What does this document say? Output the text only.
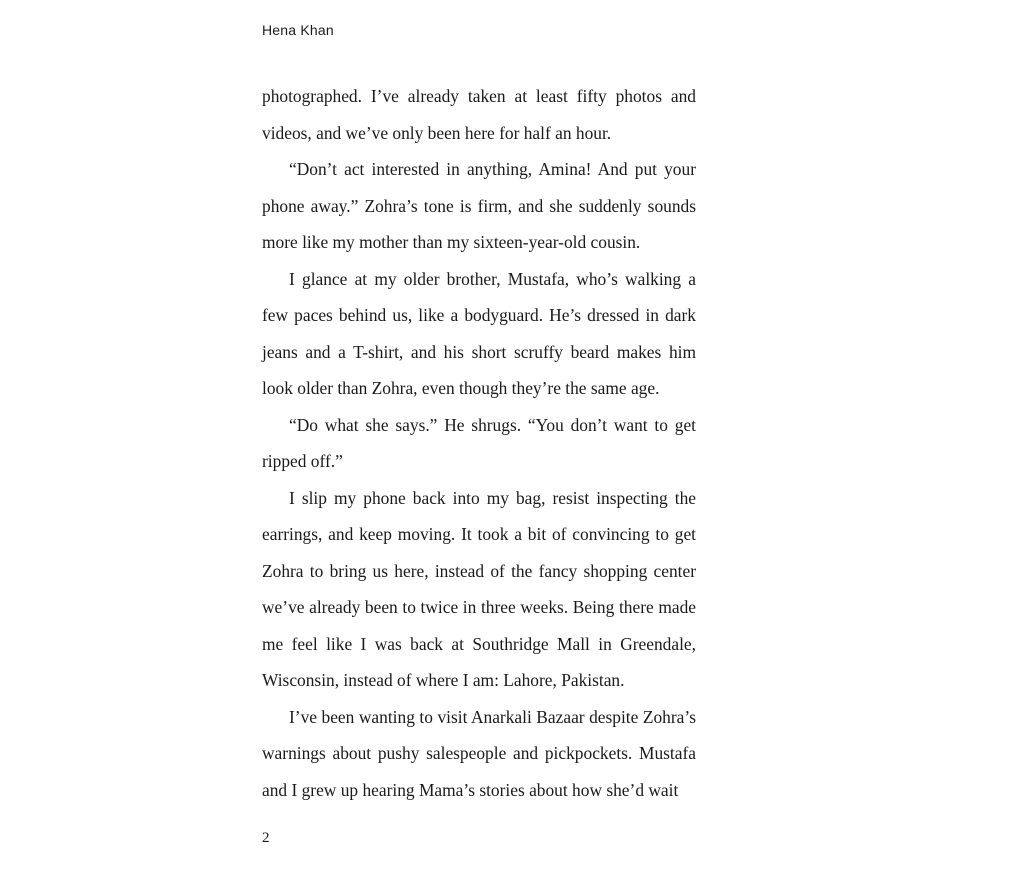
Hena Khan

photographed. I’ve already taken at least fifty photos and videos, and we’ve only been here for half an hour.

“Don’t act interested in anything, Amina! And put your phone away.” Zohra’s tone is firm, and she suddenly sounds more like my mother than my sixteen-year-old cousin.

I glance at my older brother, Mustafa, who’s walking a few paces behind us, like a bodyguard. He’s dressed in dark jeans and a T-shirt, and his short scruffy beard makes him look older than Zohra, even though they’re the same age.

“Do what she says.” He shrugs. “You don’t want to get ripped off.”

I slip my phone back into my bag, resist inspecting the earrings, and keep moving. It took a bit of convincing to get Zohra to bring us here, instead of the fancy shopping center we’ve already been to twice in three weeks. Being there made me feel like I was back at Southridge Mall in Greendale, Wisconsin, instead of where I am: Lahore, Pakistan.

I’ve been wanting to visit Anarkali Bazaar despite Zohra’s warnings about pushy salespeople and pickpockets. Mustafa and I grew up hearing Mama’s stories about how she’d wait

2
